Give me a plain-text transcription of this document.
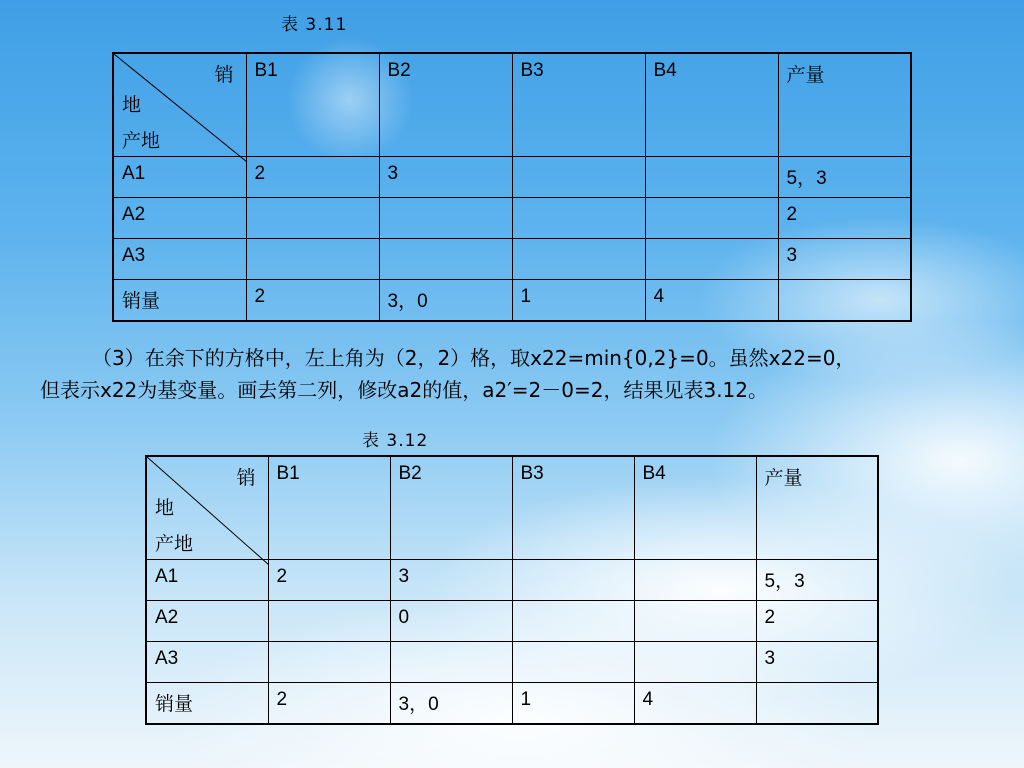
表 3.11
销
地
产地	B1	B2	B3	B4	产量
A1	2	3			5，3
A2					2
A3					3
销量	2	3，0	1	4	
（3）在余下的方格中，左上角为（2，2）格，取x22=min{0,2}=0。虽然x22=0，
但表示x22为基变量。画去第二列，修改a2的值，a2′=2－0=2，结果见表3.12。
表 3.12
销
地
产地	B1	B2	B3	B4	产量
A1	2	3			5，3
A2		0			2
A3					3
销量	2	3，0	1	4	
